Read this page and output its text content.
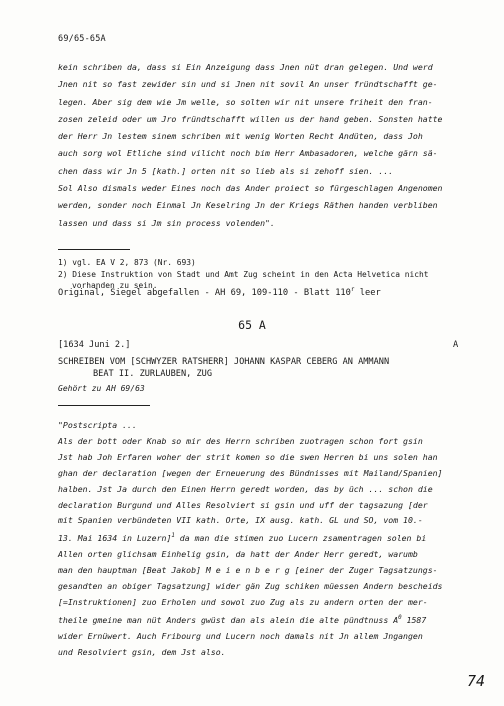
69/65-65A
kein schriben da, dass si Ein Anzeigung dass Jnen nüt dran gelegen. Und werd
Jnen nit so fast zewider sin und si Jnen nit sovil An unser fründtschafft ge-
legen. Aber sig dem wie Jm welle, so solten wir nit unsere friheit den fran-
zosen zeleid oder um Jro fründtschafft willen us der hand geben. Sonsten hatte
der Herr Jn lestem sinem schriben mit wenig Worten Recht Andüten, dass Joh
auch sorg wol Etliche sind vilicht noch bim Herr Ambasadoren, welche gärn sä-
chen dass wir Jn 5 [kath.] orten nit so lieb als si zehoff sien. ...
Sol Also dismals weder Eines noch das Ander proiect so fürgeschlagen Angenomen
werden, sonder noch Einmal Jn Keselring Jn der Kriegs Räthen handen verbliben
lassen und dass si Jm sin process volenden".
1) vgl. EA V 2, 873 (Nr. 693)
2) Diese Instruktion von Stadt und Amt Zug scheint in den Acta Helvetica nicht
vorhanden zu sein.
Original, Siegel abgefallen - AH 69, 109-110 - Blatt 110$^r$ leer
65 A
[1634 Juni 2.]	A
SCHREIBEN VOM [SCHWYZER RATSHERR] JOHANN KASPAR CEBERG AN AMMANN
BEAT II. ZURLAUBEN, ZUG
Gehört zu AH 69/63
"Postscripta ...
Als der bott oder Knab so mir des Herrn schriben zuotragen schon fort gsin
Jst hab Joh Erfaren woher der strit komen so die swen Herren bi uns solen han
ghan der declaration [wegen der Erneuerung des Bündnisses mit Mailand/Spanien]
halben. Jst Ja durch den Einen Herrn geredt worden, das by üch ... schon die
declaration Burgund und Alles Resolviert si gsin und uff der tagsazung [der
mit Spanien verbündeten VII kath. Orte, IX ausg. kath. GL und SO, vom 10.-
13. Mai 1634 in Luzern]$^1$ da man die stimen zuo Lucern zsamentragen solen bi
Allen orten glichsam Einhelig gsin, da hatt der Ander Herr geredt, warumb
man den hauptman [Beat Jakob] M e i e n b e r g [einer der Zuger Tagsatzungs-
gesandten an obiger Tagsatzung] wider gän Zug schiken müessen Andern bescheids
[=Instruktionen] zuo Erholen und sowol zuo Zug als zu andern orten der mer-
theile gmeine man nüt Anders gwüst dan als alein die alte pündtnuss $A^0$ 1587
wider Ernüwert. Auch Fribourg und Lucern noch damals nit Jn allem Jngangen
und Resolviert gsin, dem Jst also.
74
